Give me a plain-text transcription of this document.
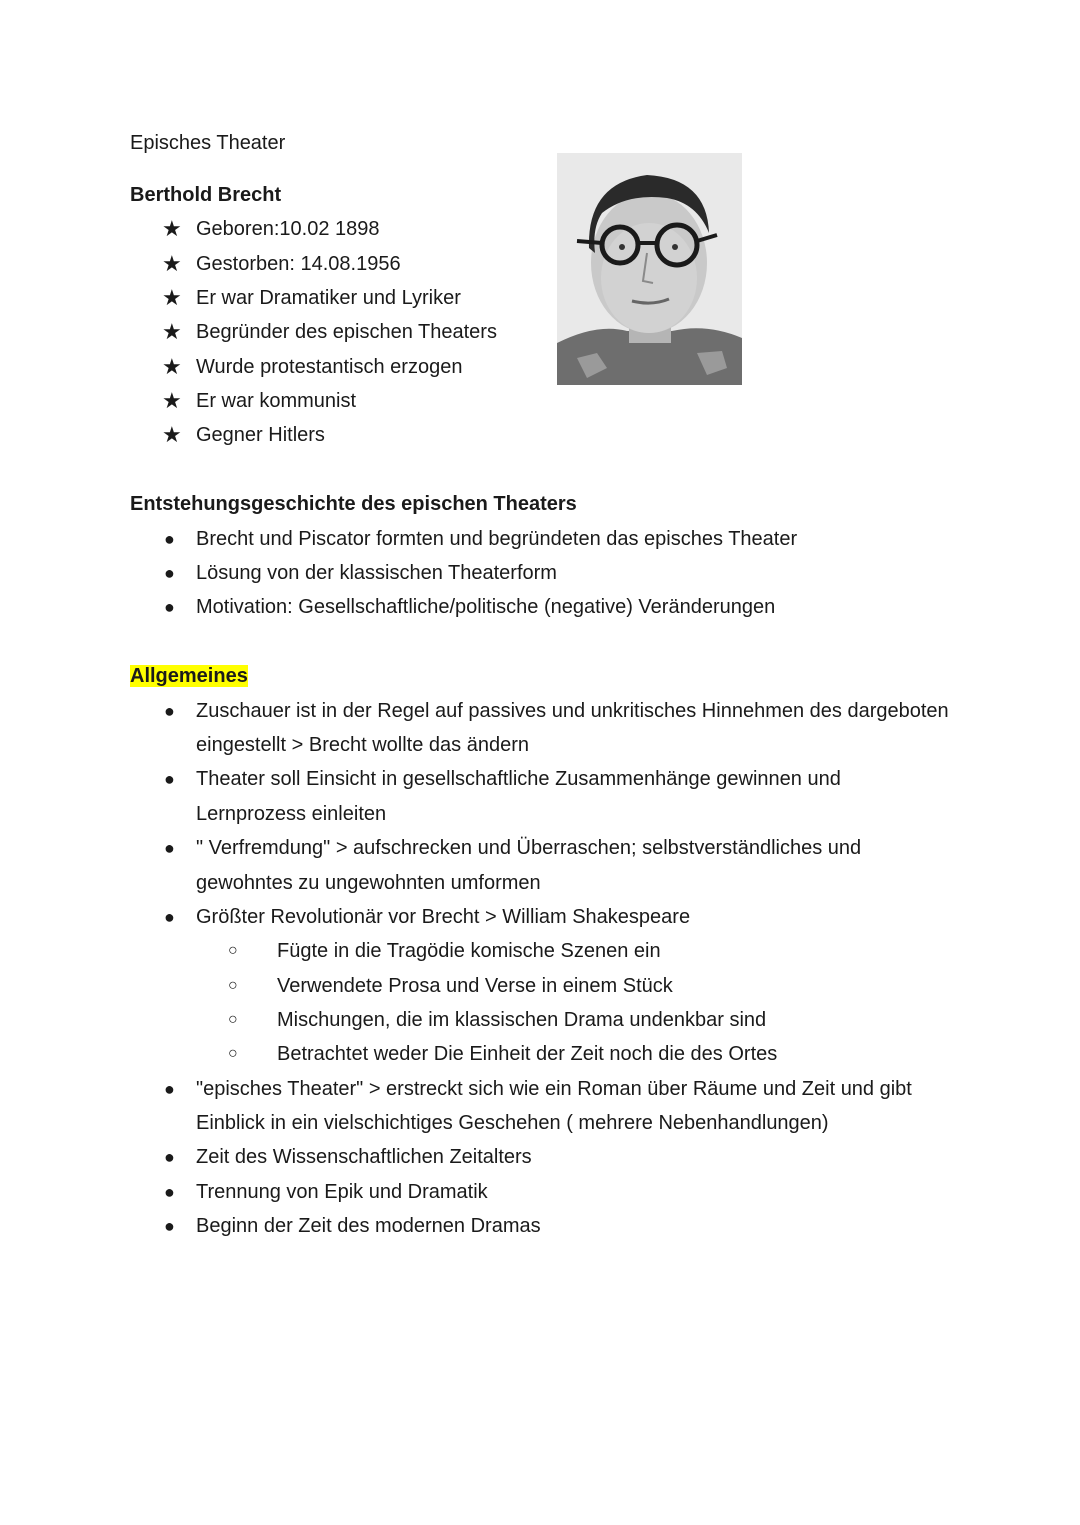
Episches Theater
Berthold Brecht
★ Geboren:10.02 1898
★ Gestorben: 14.08.1956
★ Er war Dramatiker und Lyriker
★ Begründer des epischen Theaters
★ Wurde protestantisch erzogen
★ Er war kommunist
★ Gegner Hitlers
Entstehungsgeschichte des epischen Theaters
● Brecht und Piscator formten und begründeten das episches Theater
● Lösung von der klassischen Theaterform
● Motivation: Gesellschaftliche/politische (negative) Veränderungen
Allgemeines
● Zuschauer ist in der Regel auf passives und unkritisches Hinnehmen des dargeboten
eingestellt > Brecht wollte das ändern
● Theater soll Einsicht in gesellschaftliche Zusammenhänge gewinnen und
Lernprozess einleiten
● " Verfremdung" > aufschrecken und Überraschen; selbstverständliches und
gewohntes zu ungewohnten umformen
● Größter Revolutionär vor Brecht > William Shakespeare
○ Fügte in die Tragödie komische Szenen ein
○ Verwendete Prosa und Verse in einem Stück
○ Mischungen, die im klassischen Drama undenkbar sind
○ Betrachtet weder Die Einheit der Zeit noch die des Ortes
● "episches Theater" > erstreckt sich wie ein Roman über Räume und Zeit und gibt
Einblick in ein vielschichtiges Geschehen ( mehrere Nebenhandlungen)
● Zeit des Wissenschaftlichen Zeitalters
● Trennung von Epik und Dramatik
● Beginn der Zeit des modernen Dramas
